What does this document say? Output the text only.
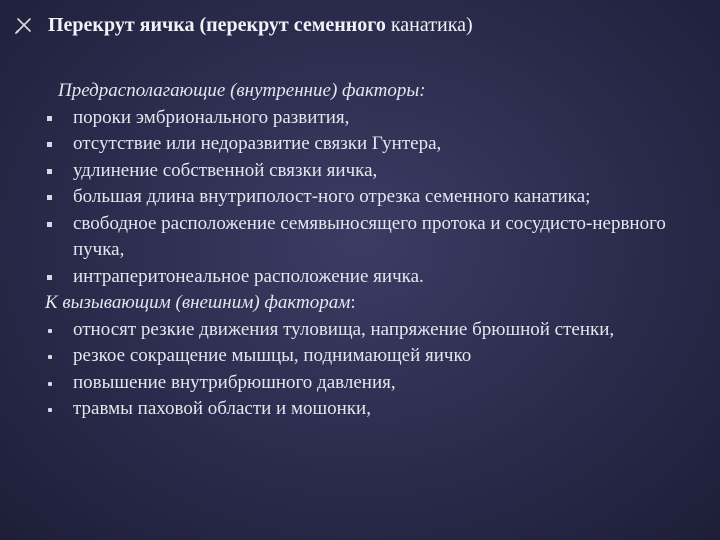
Перекрут яичка (перекрут семенного канатика)
Предрасполагающие (внутренние) факторы:
пороки эмбрионального развития,
отсутствие или недоразвитие связки Гунтера,
удлинение собственной связки яичка,
большая длина внутриполост-ного отрезка семенного канатика;
свободное расположение семявыносящего протока и сосудисто-нервного пучка,
интраперитонеальное расположение яичка.
К вызывающим (внешним) факторам:
относят резкие движения туловища, напряжение брюшной стенки,
резкое сокращение мышцы, поднимающей яичко
повышение внутрибрюшного давления,
травмы паховой области и мошонки,
